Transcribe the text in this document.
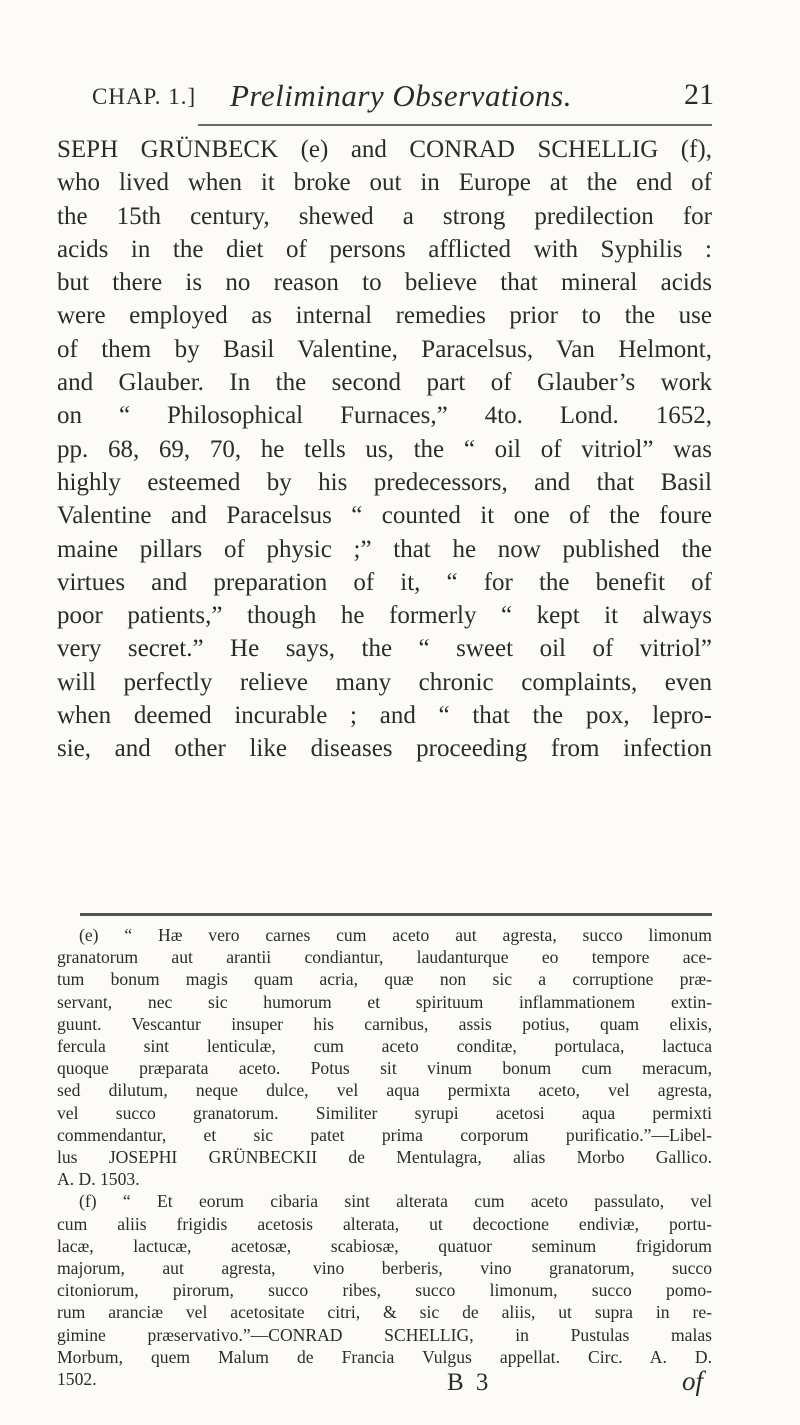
CHAP. 1.] Preliminary Observations.	21
SEPH GRÜNBECK (e) and CONRAD SCHELLIG (f),
who lived when it broke out in Europe at the end of
the 15th century, shewed a strong predilection for
acids in the diet of persons afflicted with Syphilis :
but there is no reason to believe that mineral acids
were employed as internal remedies prior to the use
of them by Basil Valentine, Paracelsus, Van Helmont,
and Glauber. In the second part of Glauber’s work
on “ Philosophical Furnaces,” 4to. Lond. 1652,
pp. 68, 69, 70, he tells us, the “ oil of vitriol” was
highly esteemed by his predecessors, and that Basil
Valentine and Paracelsus “ counted it one of the foure
maine pillars of physic ;” that he now published the
virtues and preparation of it, “ for the benefit of
poor patients,” though he formerly “ kept it always
very secret.” He says, the “ sweet oil of vitriol”
will perfectly relieve many chronic complaints, even
when deemed incurable ; and “ that the pox, lepro-
sie, and other like diseases proceeding from infection
(e) “ Hæ vero carnes cum aceto aut agresta, succo limonum
granatorum aut arantii condiantur, laudanturque eo tempore ace-
tum bonum magis quam acria, quæ non sic a corruptione præ-
servant, nec sic humorum et spirituum inflammationem extin-
guunt. Vescantur insuper his carnibus, assis potius, quam elixis,
fercula sint lenticulæ, cum aceto conditæ, portulaca, lactuca
quoque præparata aceto. Potus sit vinum bonum cum meracum,
sed dilutum, neque dulce, vel aqua permixta aceto, vel agresta,
vel succo granatorum. Similiter syrupi acetosi aqua permixti
commendantur, et sic patet prima corporum purificatio.”—Libel-
lus JOSEPHI GRÜNBECKII de Mentulagra, alias Morbo Gallico.
A. D. 1503.
(f) “ Et eorum cibaria sint alterata cum aceto passulato, vel
cum aliis frigidis acetosis alterata, ut decoctione endiviæ, portu-
lacæ, lactucæ, acetosæ, scabiosæ, quatuor seminum frigidorum
majorum, aut agresta, vino berberis, vino granatorum, succo
citoniorum, pirorum, succo ribes, succo limonum, succo pomo-
rum aranciæ vel acetositate citri, & sic de aliis, ut supra in re-
gimine præservativo.”—CONRAD SCHELLIG, in Pustulas malas
Morbum, quem Malum de Francia Vulgus appellat. Circ. A. D.
1502.	B 3	of
